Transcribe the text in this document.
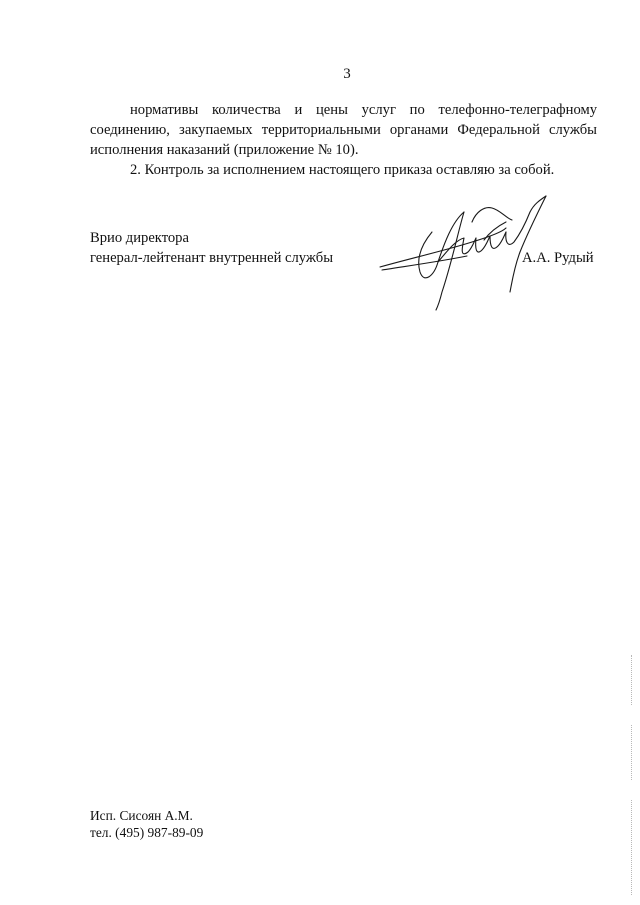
3

нормативы количества и цены услуг по телефонно-телеграфному

соединению, закупаемых территориальными органами Федеральной службы

исполнения наказаний (приложение № 10).

2. Контроль за исполнением настоящего приказа оставляю за собой.

Врио директора
генерал-лейтенант внутренней службы	А.А. Рудый
Исп. Сисоян А.М.
тел. (495) 987-89-09
